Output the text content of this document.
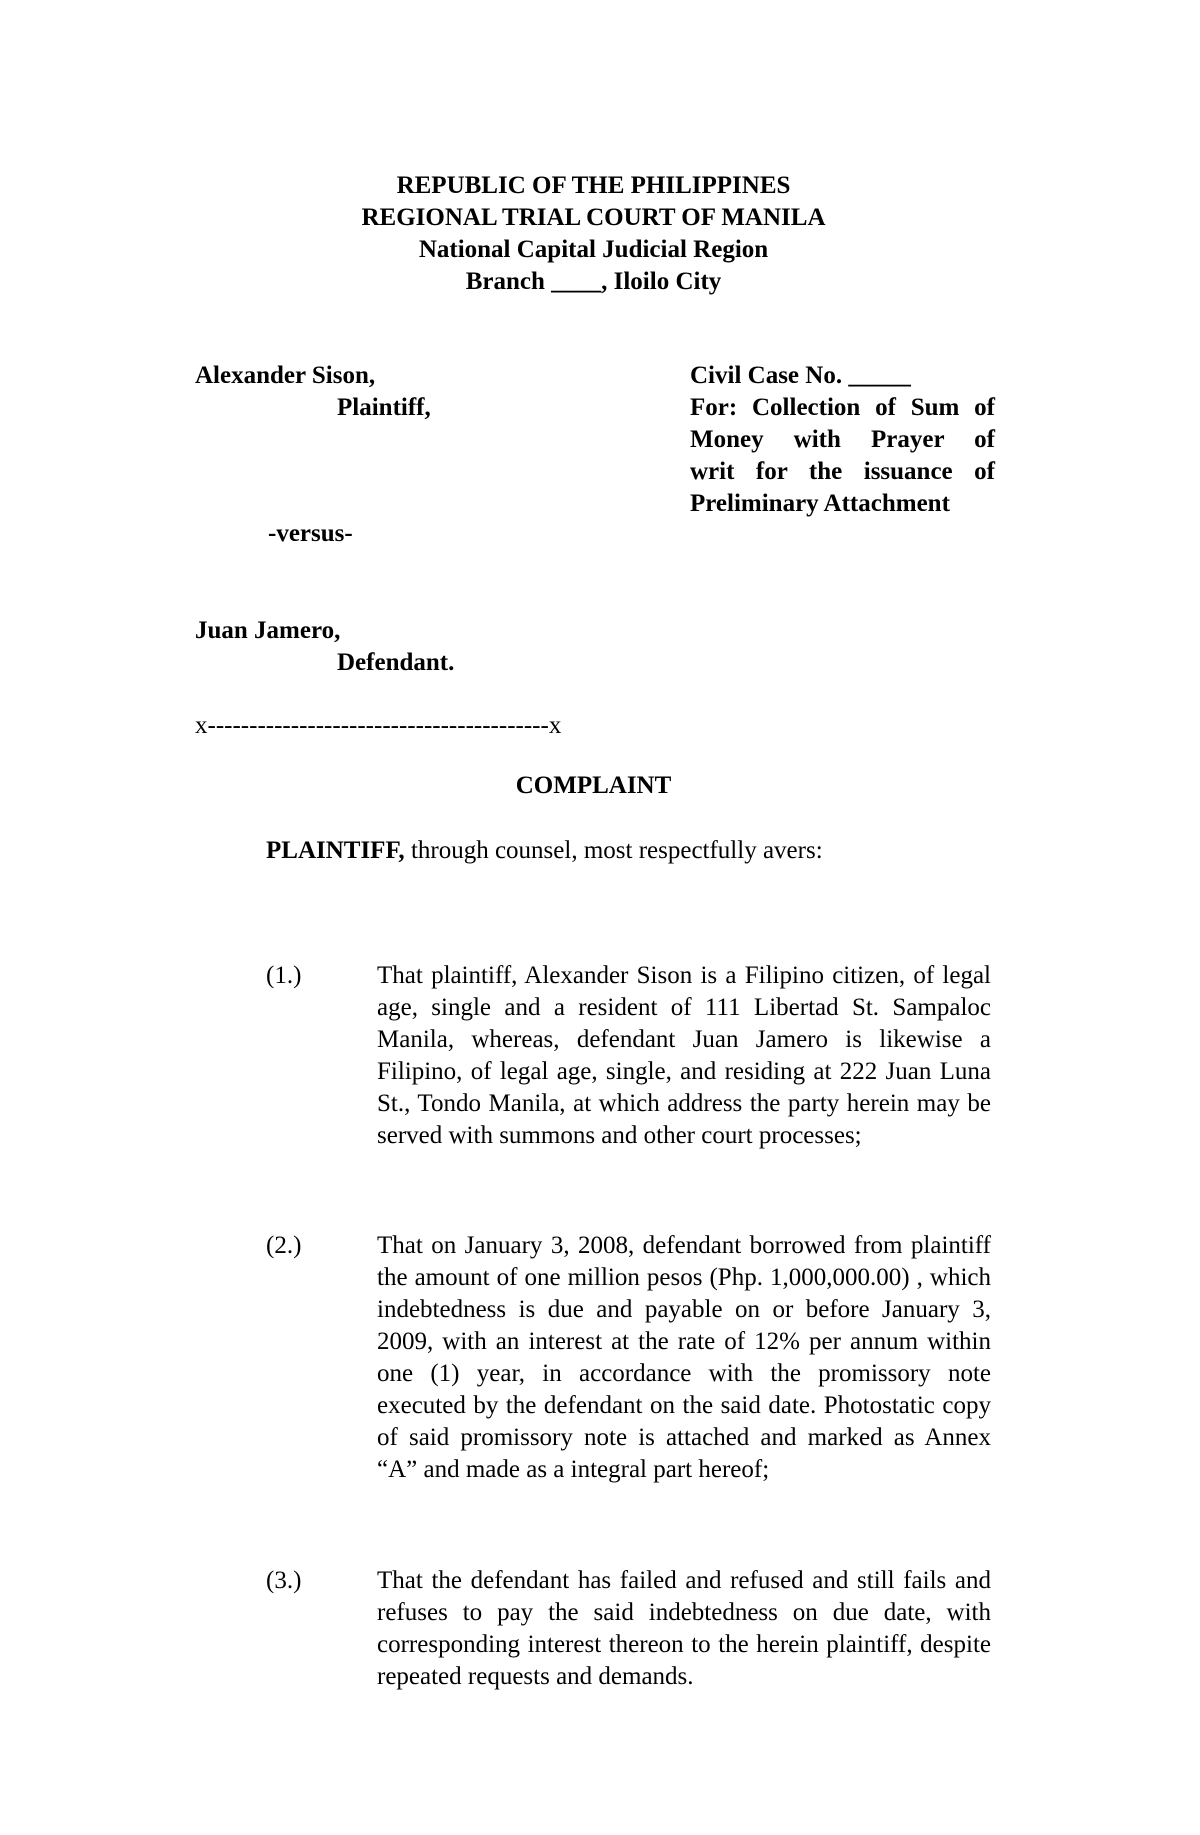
REPUBLIC OF THE PHILIPPINES
REGIONAL TRIAL COURT OF MANILA
National Capital Judicial Region
Branch ____, Iloilo City
Alexander Sison,
Plaintiff,
-versus-
Juan Jamero,
Defendant.
Civil Case No. _____
For: Collection of Sum of
Money with Prayer of
writ for the issuance of
Preliminary Attachment
x-----------------------------------------x
COMPLAINT
PLAINTIFF, through counsel, most respectfully avers:
(1.)	That plaintiff, Alexander Sison is a Filipino citizen, of legal age, single and a resident of 111 Libertad St. Sampaloc Manila, whereas, defendant Juan Jamero is likewise a Filipino, of legal age, single, and residing at 222 Juan Luna St., Tondo Manila, at which address the party herein may be served with summons and other court processes;
(2.)	That on January 3, 2008, defendant borrowed from plaintiff the amount of one million pesos (Php. 1,000,000.00) , which indebtedness is due and payable on or before January 3, 2009, with an interest at the rate of 12% per annum within one (1) year, in accordance with the promissory note executed by the defendant on the said date. Photostatic copy of said promissory note is attached and marked as Annex “A” and made as a integral part hereof;
(3.)	That the defendant has failed and refused and still fails and refuses to pay the said indebtedness on due date, with corresponding interest thereon to the herein plaintiff, despite repeated requests and demands.
